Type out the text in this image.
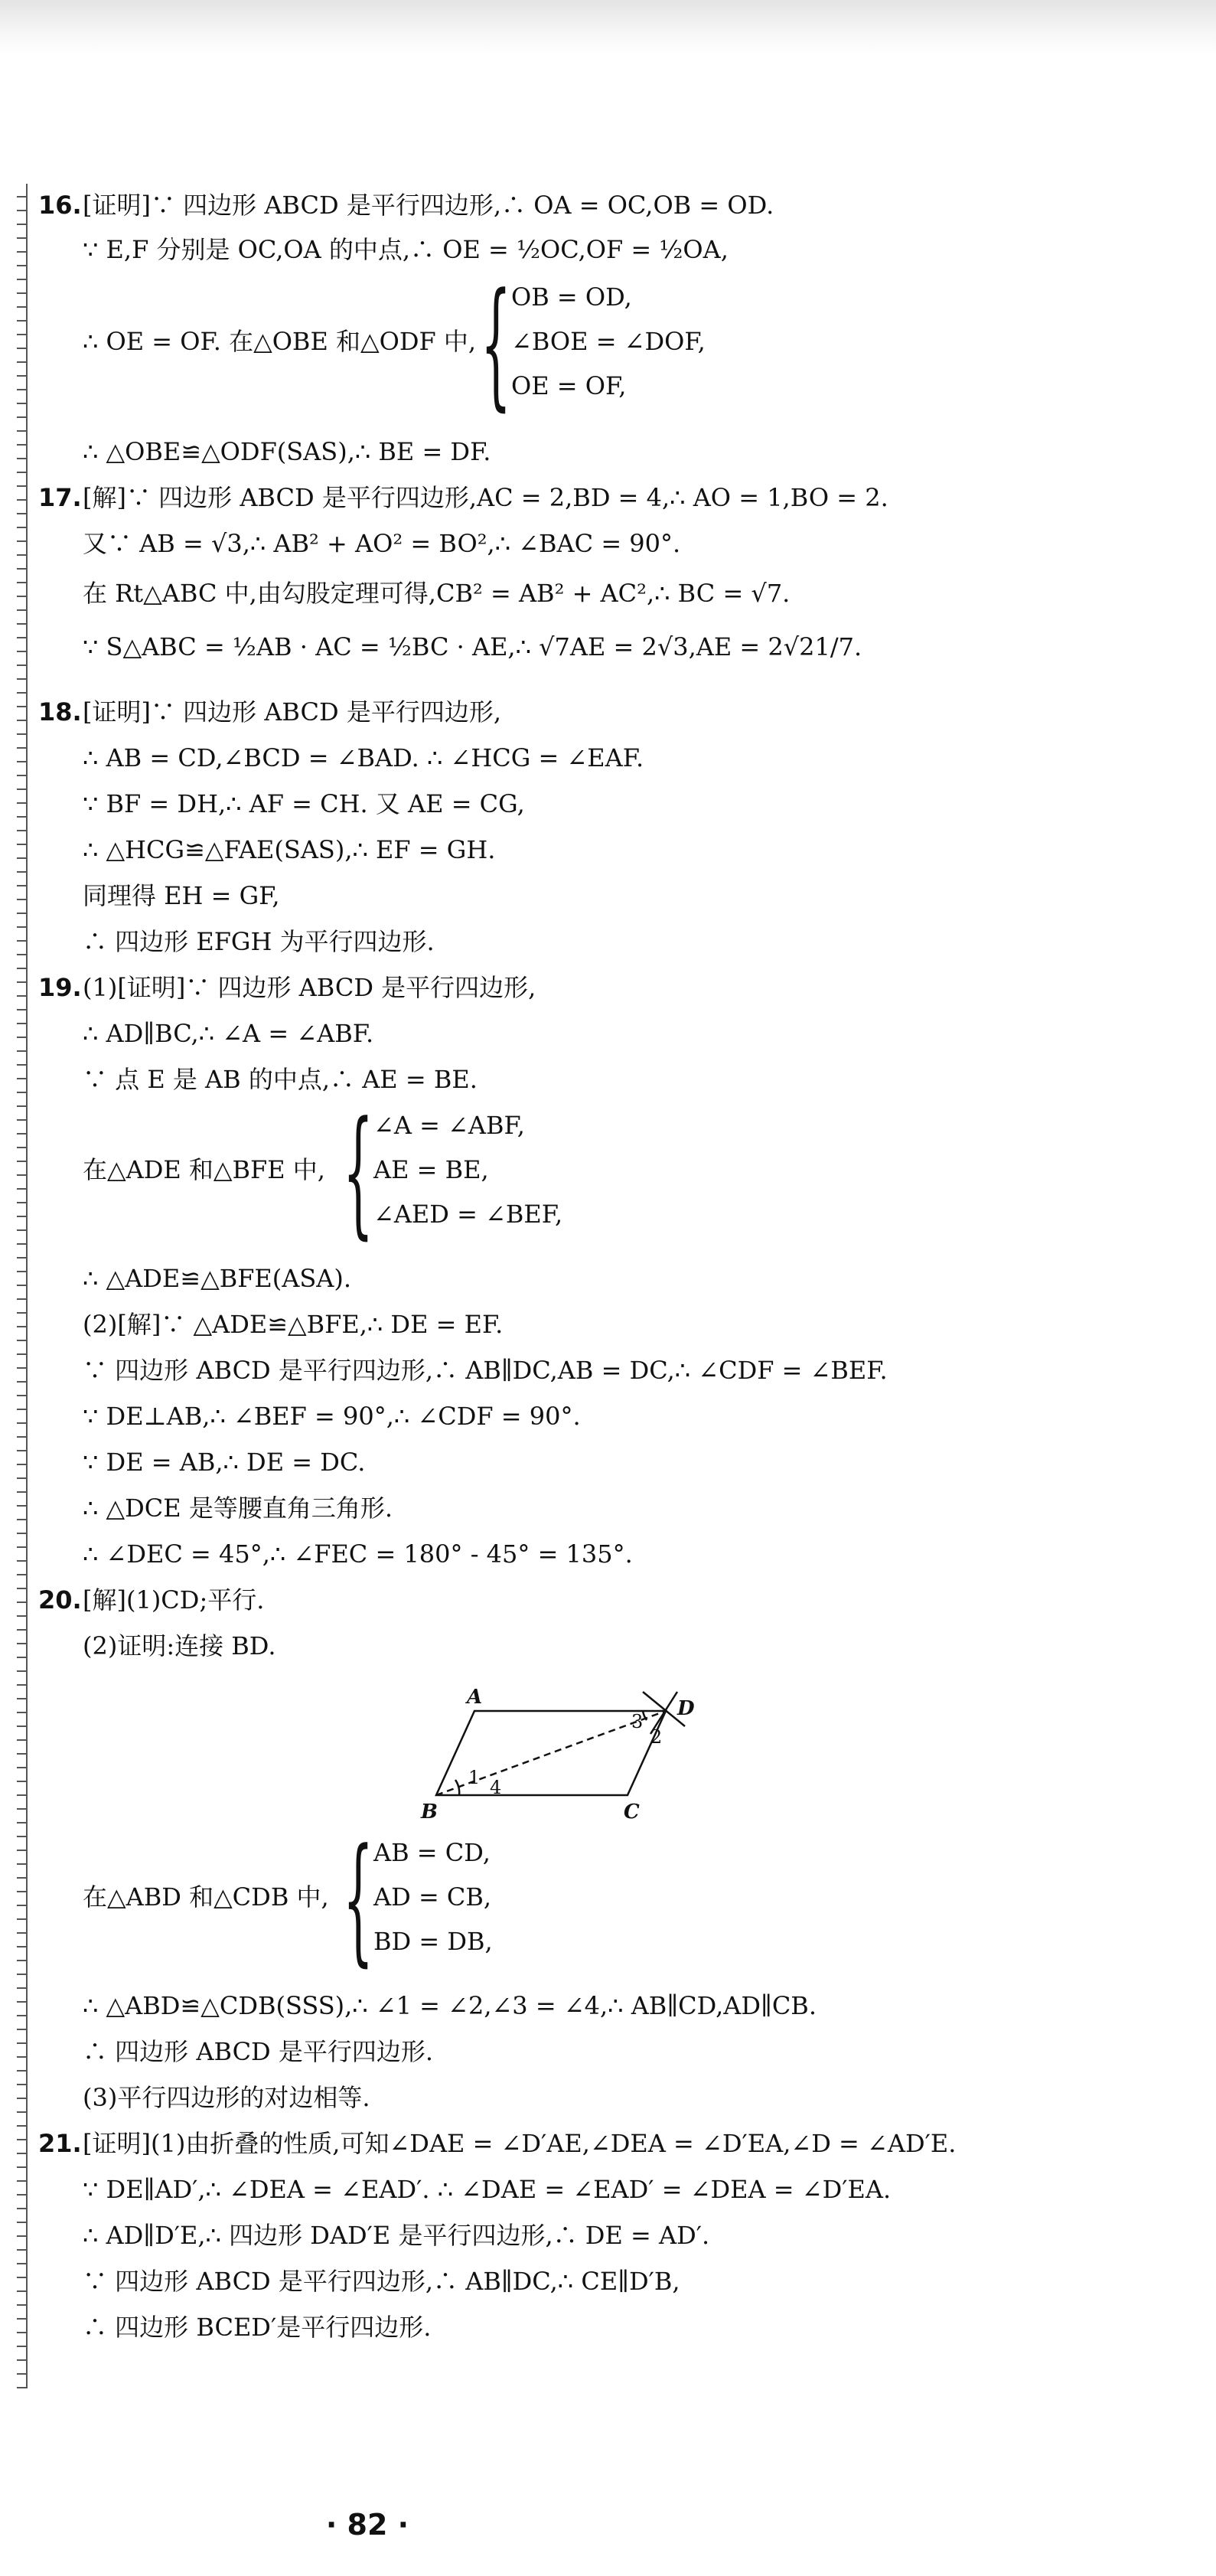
16.[证明]∵ 四边形 ABCD 是平行四边形,∴ OA = OC,OB = OD.
∵ E,F 分别是 OC,OA 的中点,∴ OE = ½OC,OF = ½OA,
∴ OE = OF. 在△OBE 和△ODF 中, { OB = OD,
∠BOE = ∠DOF,
OE = OF,
∴ △OBE≌△ODF(SAS),∴ BE = DF.
17.[解]∵ 四边形 ABCD 是平行四边形,AC = 2,BD = 4,∴ AO = 1,BO = 2.
又∵ AB = √3,∴ AB² + AO² = BO²,∴ ∠BAC = 90°.
在 Rt△ABC 中,由勾股定理可得,CB² = AB² + AC²,∴ BC = √7.
∵ S△ABC = ½AB · AC = ½BC · AE,∴ √7AE = 2√3,AE = 2√21/7.
18.[证明]∵ 四边形 ABCD 是平行四边形,
∴ AB = CD,∠BCD = ∠BAD. ∴ ∠HCG = ∠EAF.
∵ BF = DH,∴ AF = CH. 又 AE = CG,
∴ △HCG≌△FAE(SAS),∴ EF = GH.
同理得 EH = GF,
∴ 四边形 EFGH 为平行四边形.
19.(1)[证明]∵ 四边形 ABCD 是平行四边形,
∴ AD∥BC,∴ ∠A = ∠ABF.
∵ 点 E 是 AB 的中点,∴ AE = BE.
在△ADE 和△BFE 中, { ∠A = ∠ABF,
AE = BE,
∠AED = ∠BEF,
∴ △ADE≌△BFE(ASA).
(2)[解]∵ △ADE≌△BFE,∴ DE = EF.
∵ 四边形 ABCD 是平行四边形,∴ AB∥DC,AB = DC,∴ ∠CDF = ∠BEF.
∵ DE⊥AB,∴ ∠BEF = 90°,∴ ∠CDF = 90°.
∵ DE = AB,∴ DE = DC.
∴ △DCE 是等腰直角三角形.
∴ ∠DEC = 45°,∴ ∠FEC = 180° - 45° = 135°.
20.[解](1)CD;平行.
(2)证明:连接 BD.
A
B	C
D
1
2
3
4
在△ABD 和△CDB 中, { AB = CD,
AD = CB,
BD = DB,
∴ △ABD≌△CDB(SSS),∴ ∠1 = ∠2,∠3 = ∠4,∴ AB∥CD,AD∥CB.
∴ 四边形 ABCD 是平行四边形.
(3)平行四边形的对边相等.
21.[证明](1)由折叠的性质,可知∠DAE = ∠D′AE,∠DEA = ∠D′EA,∠D = ∠AD′E.
∵ DE∥AD′,∴ ∠DEA = ∠EAD′. ∴ ∠DAE = ∠EAD′ = ∠DEA = ∠D′EA.
∴ AD∥D′E,∴ 四边形 DAD′E 是平行四边形,∴ DE = AD′.
∵ 四边形 ABCD 是平行四边形,∴ AB∥DC,∴ CE∥D′B,
∴ 四边形 BCED′是平行四边形.
· 82 ·
